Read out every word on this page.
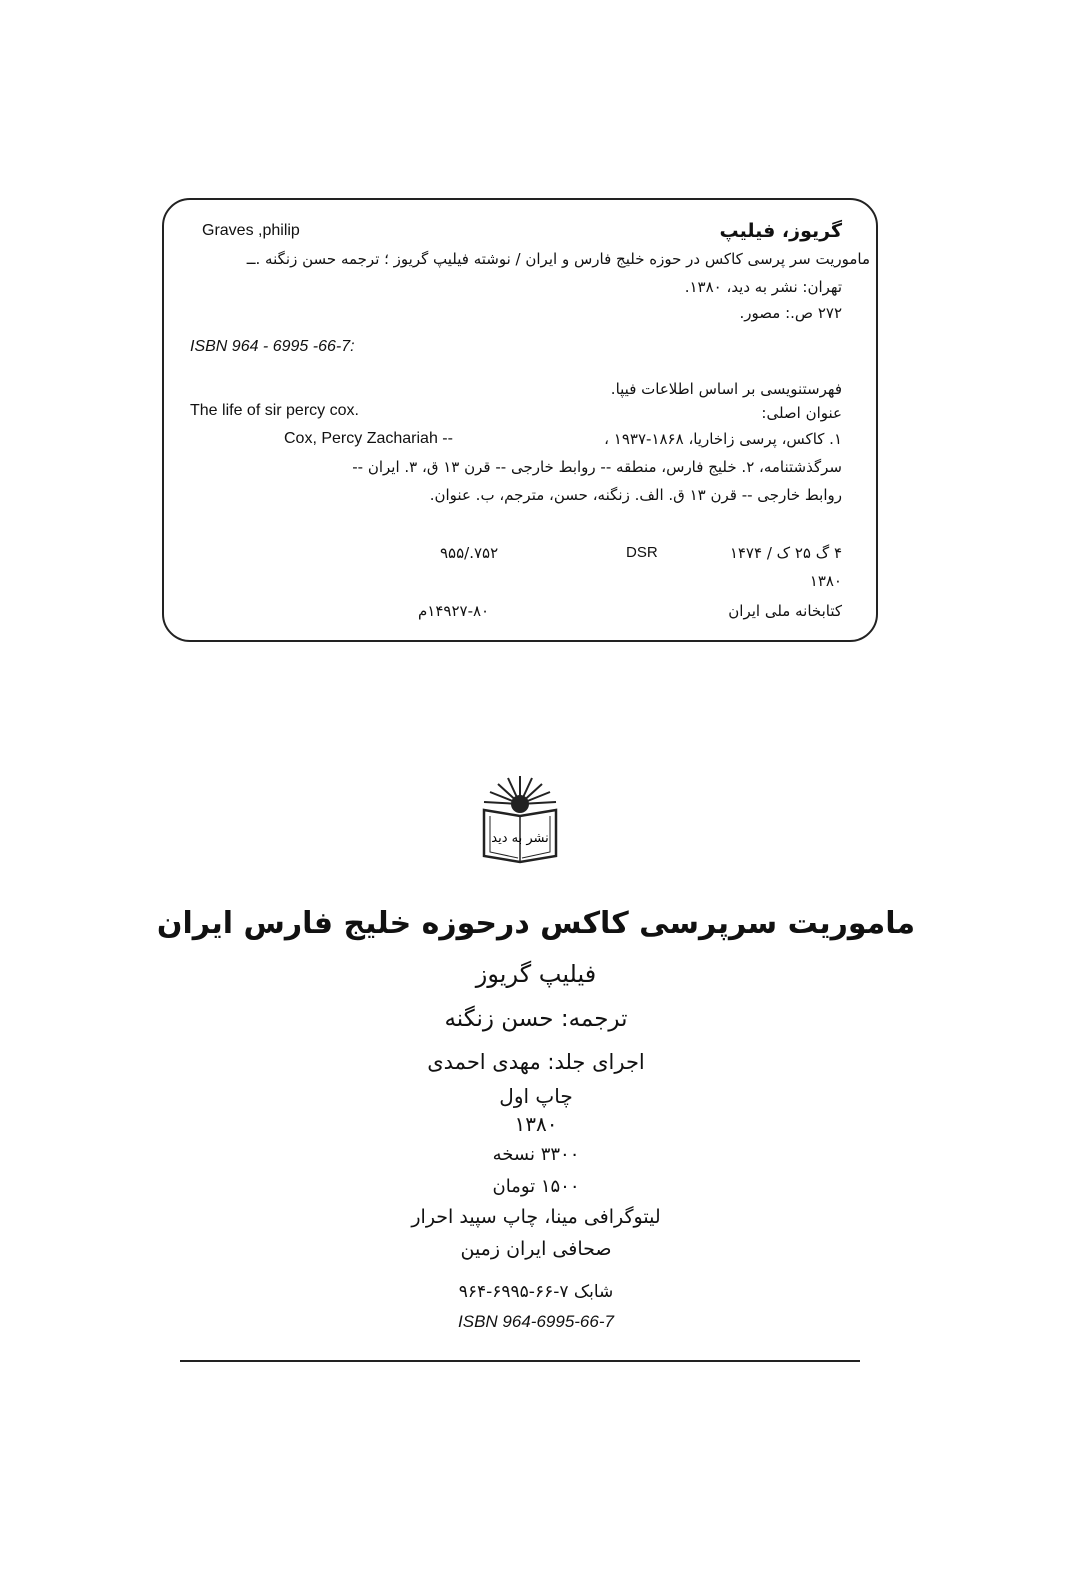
گريوز، فيليپ
Graves ,philip
ماموريت سر پرسی کاکس در حوزه خليج فارس و ايران / نوشته فيليپ گريوز ؛ ترجمه حسن زنگنه .ــ
تهران: نشر به ديد، ۱۳۸۰.
۲۷۲ ص.: مصور.
ISBN 964 - 6995 -66-7:
فهرستنويسی بر اساس اطلاعات فيپا.
عنوان اصلی:
The life of sir percy cox.
۱. کاکس، پرسی زاخاريا، ۱۸۶۸-۱۹۳۷ ،
Cox, Percy Zachariah --
سرگذشتنامه، ۲. خليج فارس، منطقه -- روابط خارجی -- قرن ۱۳ ق، ۳. ايران --
روابط خارجی -- قرن ۱۳ ق. الف. زنگنه، حسن، مترجم، ب. عنوان.
۴ گ ۲۵ ک / ۱۴۷۴
DSR
۹۵۵/.۷۵۲
۱۳۸۰
کتابخانه ملی ايران
۱۴۹۲۷-۸۰م
نشر به ديد
ماموريت سرپرسی کاکس درحوزه خليج فارس ايران
فيليپ گريوز
ترجمه: حسن زنگنه
اجرای جلد: مهدی احمدی
چاپ اول
۱۳۸۰
۳۳۰۰ نسخه
۱۵۰۰ تومان
ليتوگرافی مينا، چاپ سپيد احرار
صحافی ايران زمين
شابک ۷-۶۶-۶۹۹۵-۹۶۴
ISBN 964-6995-66-7
